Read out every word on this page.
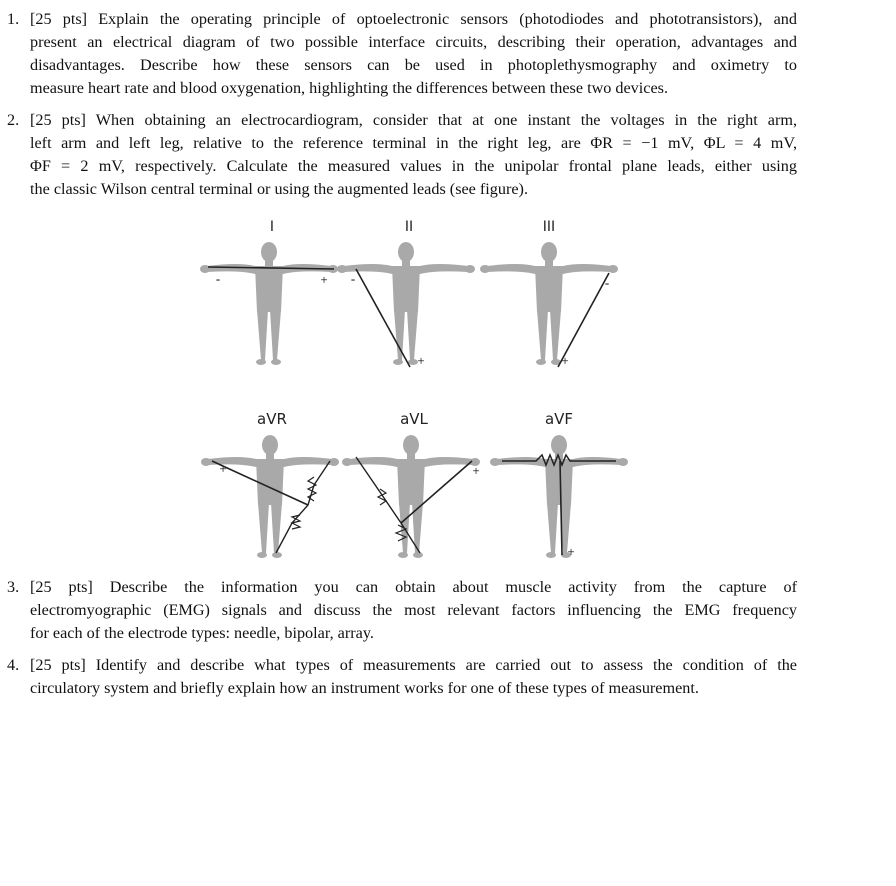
1. [25 pts] Explain the operating principle of optoelectronic sensors (photodiodes and phototransistors), and
present an electrical diagram of two possible interface circuits, describing their operation, advantages and
disadvantages. Describe how these sensors can be used in photoplethysmography and oximetry to
measure heart rate and blood oxygenation, highlighting the differences between these two devices.
2. [25 pts] When obtaining an electrocardiogram, consider that at one instant the voltages in the right arm,
left arm and left leg, relative to the reference terminal in the right leg, are ΦR = −1 mV, ΦL = 4 mV,
ΦF = 2 mV, respectively. Calculate the measured values in the unipolar frontal plane leads, either using
the classic Wilson central terminal or using the augmented leads (see figure).
I	II	III
-	+ -
+
-
+
aVR	aVL	aVF
+	+
+
3. [25 pts] Describe the information you can obtain about muscle activity from the capture of
electromyographic (EMG) signals and discuss the most relevant factors influencing the EMG frequency
for each of the electrode types: needle, bipolar, array.
4. [25 pts] Identify and describe what types of measurements are carried out to assess the condition of the
circulatory system and briefly explain how an instrument works for one of these types of measurement.
